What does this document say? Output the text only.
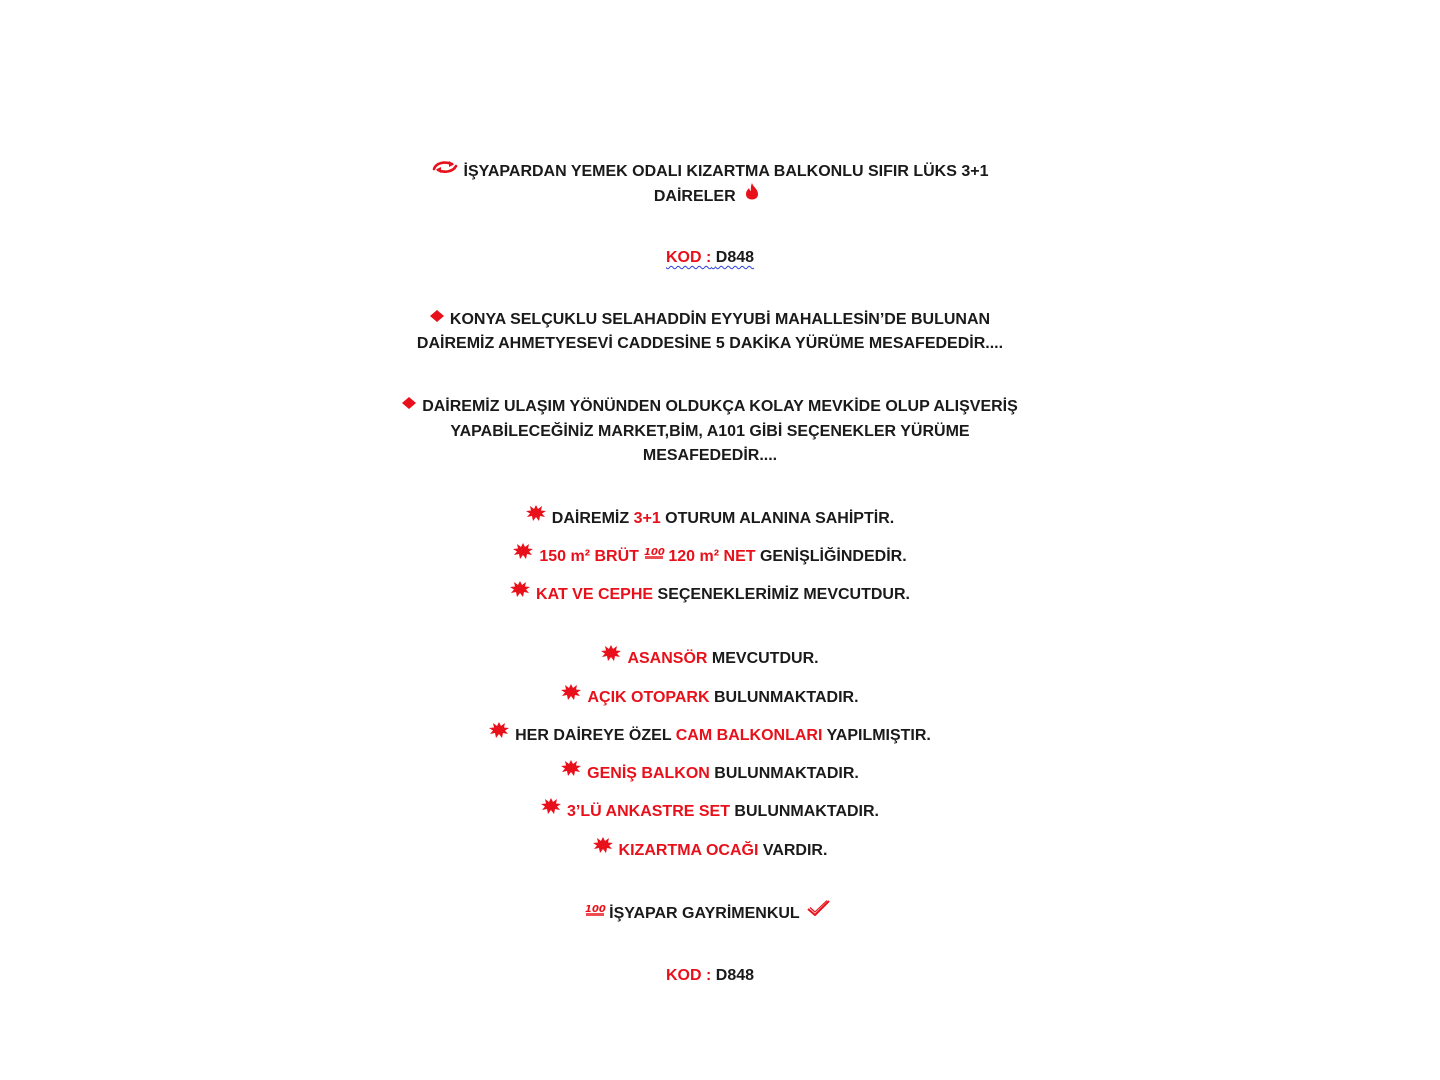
İŞYAPARDAN YEMEK ODALI KIZARTMA BALKONLU SIFIR LÜKS 3+1
DAİRELER

KOD : D848

KONYA SELÇUKLU SELAHADDİN EYYUBİ MAHALLESİN’DE BULUNAN
DAİREMİZ AHMETYESEVİ CADDESİNE 5 DAKİKA YÜRÜME MESAFEDEDİR....

DAİREMİZ ULAŞIM YÖNÜNDEN OLDUKÇA KOLAY MEVKİDE OLUP ALIŞVERİŞ
YAPABİLECEĞİNİZ MARKET,BİM, A101 GİBİ SEÇENEKLER YÜRÜME
MESAFEDEDİR....

DAİREMİZ 3+1 OTURUM ALANINA SAHİPTİR.

150 m² BRÜT 100 120 m² NET GENİŞLİĞİNDEDİR.

KAT VE CEPHE SEÇENEKLERİMİZ MEVCUTDUR.

ASANSÖR MEVCUTDUR.

AÇIK OTOPARK BULUNMAKTADIR.

HER DAİREYE ÖZEL CAM BALKONLARI YAPILMIŞTIR.

GENİŞ BALKON BULUNMAKTADIR.

3’LÜ ANKASTRE SET BULUNMAKTADIR.

KIZARTMA OCAĞI VARDIR.

100 İŞYAPAR GAYRİMENKUL

KOD : D848
